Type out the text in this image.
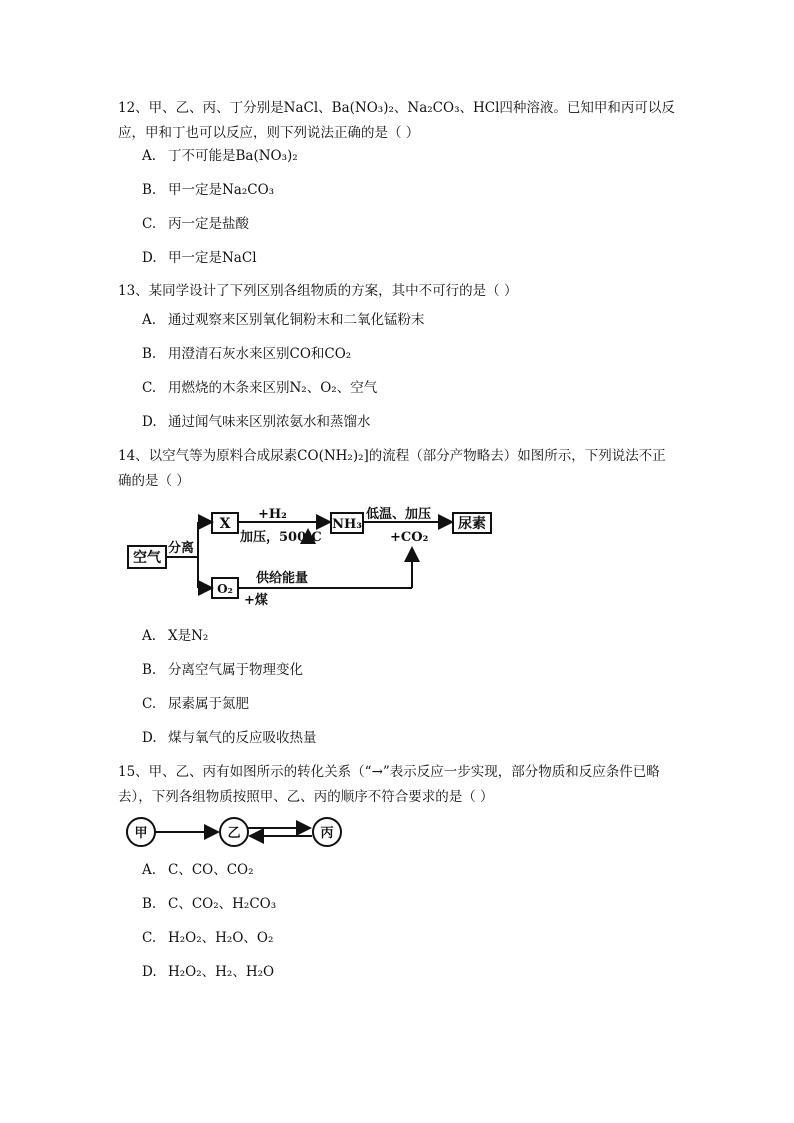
12、甲、乙、丙、丁分别是NaCl、Ba(NO₃)₂、Na₂CO₃、HCl四种溶液。已知甲和丙可以反应，甲和丁也可以反应，则下列说法正确的是（ ）
A. 丁不可能是Ba(NO₃)₂
B. 甲一定是Na₂CO₃
C. 丙一定是盐酸
D. 甲一定是NaCl
13、某同学设计了下列区别各组物质的方案，其中不可行的是（ ）
A. 通过观察来区别氧化铜粉末和二氧化锰粉末
B. 用澄清石灰水来区别CO和CO₂
C. 用燃烧的木条来区别N₂、O₂、空气
D. 通过闻气味来区别浓氨水和蒸馏水
14、以空气等为原料合成尿素CO(NH₂)₂]的流程（部分产物略去）如图所示，下列说法不正确的是（ ）
空气
分离
X
+H₂
加压，500℃
NH₃
低温、加压
+CO₂
尿素
O₂
供给能量
+煤
A. X是N₂
B. 分离空气属于物理变化
C. 尿素属于氮肥
D. 煤与氧气的反应吸收热量
15、甲、乙、丙有如图所示的转化关系（“→”表示反应一步实现，部分物质和反应条件已略去），下列各组物质按照甲、乙、丙的顺序不符合要求的是（ ）
甲	乙	丙
A. C、CO、CO₂
B. C、CO₂、H₂CO₃
C. H₂O₂、H₂O、O₂
D. H₂O₂、H₂、H₂O
